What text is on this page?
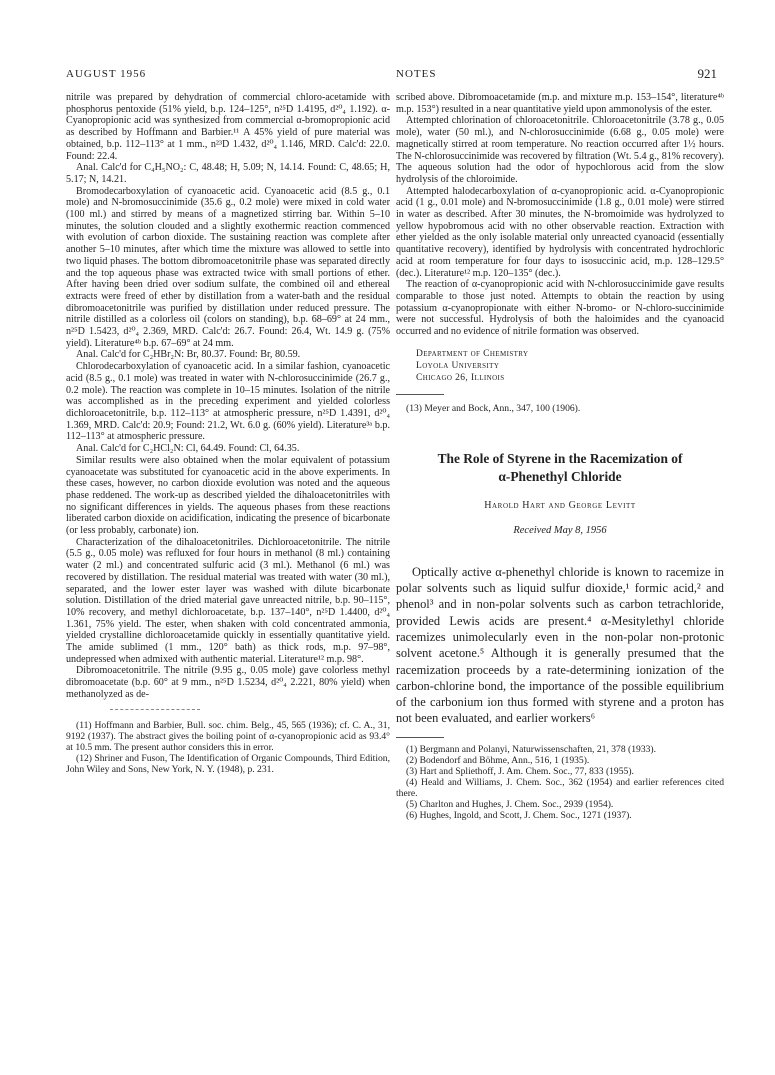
AUGUST 1956	NOTES	921

nitrile was prepared by dehydration of commercial chloro-acetamide with phosphorus pentoxide (51% yield, b.p. 124–125°, n²⁵D 1.4195, d²⁰₄ 1.192). α-Cyanopropionic acid was synthesized from commercial α-bromopropionic acid as described by Hoffmann and Barbier.¹¹ A 45% yield of pure material was obtained, b.p. 112–113° at 1 mm., n²³D 1.432, d²⁰₄ 1.146, MRD. Calc'd: 22.0. Found: 22.4.

Anal. Calc'd for C₄H₅NO₂: C, 48.48; H, 5.09; N, 14.14. Found: C, 48.65; H, 5.17; N, 14.21.

Bromodecarboxylation of cyanoacetic acid. Cyanoacetic acid (8.5 g., 0.1 mole) and N-bromosuccinimide (35.6 g., 0.2 mole) were mixed in cold water (100 ml.) and stirred by means of a magnetized stirring bar. Within 5–10 minutes, the solution clouded and a slightly exothermic reaction commenced with evolution of carbon dioxide. The sustaining reaction was complete after another 5–10 minutes, after which time the mixture was allowed to settle into two liquid phases. The bottom dibromoacetonitrile phase was separated directly and the top aqueous phase was extracted twice with small portions of ether. After having been dried over sodium sulfate, the combined oil and ethereal extracts were freed of ether by distillation from a water-bath and the residual dibromoacetonitrile was purified by distillation under reduced pressure. The nitrile distilled as a colorless oil (colors on standing), b.p. 68–69° at 24 mm., n²⁵D 1.5423, d²⁰₄ 2.369, MRD. Calc'd: 26.7. Found: 26.4, Wt. 14.9 g. (75% yield). Literature⁴ᵇ b.p. 67–69° at 24 mm.

Anal. Calc'd for C₂HBr₂N: Br, 80.37. Found: Br, 80.59.

Chlorodecarboxylation of cyanoacetic acid. In a similar fashion, cyanoacetic acid (8.5 g., 0.1 mole) was treated in water with N-chlorosuccinimide (26.7 g., 0.2 mole). The reaction was complete in 10–15 minutes. Isolation of the nitrile was accomplished as in the preceding experiment and yielded colorless dichloroacetonitrile, b.p. 112–113° at atmospheric pressure, n²⁵D 1.4391, d²⁰₄ 1.369, MRD. Calc'd: 20.9; Found: 21.2, Wt. 6.0 g. (60% yield). Literature³ᵃ b.p. 112–113° at atmospheric pressure.

Anal. Calc'd for C₂HCl₂N: Cl, 64.49. Found: Cl, 64.35.

Similar results were also obtained when the molar equivalent of potassium cyanoacetate was substituted for cyanoacetic acid in the above experiments. In these cases, however, no carbon dioxide evolution was noted and the aqueous phase reddened. The work-up as described yielded the dihaloacetonitriles with no significant differences in yields. The aqueous phases from these reactions liberated carbon dioxide on acidification, indicating the presence of bicarbonate (or less probably, carbonate) ion.

Characterization of the dihaloacetonitriles. Dichloroacetonitrile. The nitrile (5.5 g., 0.05 mole) was refluxed for four hours in methanol (8 ml.) containing water (2 ml.) and concentrated sulfuric acid (3 ml.). Methanol (6 ml.) was recovered by distillation. The residual material was treated with water (30 ml.), separated, and the lower ester layer was washed with dilute bicarbonate solution. Distillation of the dried material gave unreacted nitrile, b.p. 90–115°, 10% recovery, and methyl dichloroacetate, b.p. 137–140°, n²⁵D 1.4400, d²⁰₄ 1.361, 75% yield. The ester, when shaken with cold concentrated ammonia, yielded crystalline dichloroacetamide quickly in essentially quantitative yield. The amide sublimed (1 mm., 120° bath) as thick rods, m.p. 97–98°, undepressed when admixed with authentic material. Literature¹² m.p. 98°.

Dibromoacetonitrile. The nitrile (9.95 g., 0.05 mole) gave colorless methyl dibromoacetate (b.p. 60° at 9 mm., n²⁵D 1.5234, d²⁰₄ 2.221, 80% yield) when methanolyzed as de-

(11) Hoffmann and Barbier, Bull. soc. chim. Belg., 45, 565 (1936); cf. C. A., 31, 9192 (1937). The abstract gives the boiling point of α-cyanopropionic acid as 93.4° at 10.5 mm. The present author considers this in error.

(12) Shriner and Fuson, The Identification of Organic Compounds, Third Edition, John Wiley and Sons, New York, N. Y. (1948), p. 231.

scribed above. Dibromoacetamide (m.p. and mixture m.p. 153–154°, literature⁴ᵇ m.p. 153°) resulted in a near quantitative yield upon ammonolysis of the ester.

Attempted chlorination of chloroacetonitrile. Chloroacetonitrile (3.78 g., 0.05 mole), water (50 ml.), and N-chlorosuccinimide (6.68 g., 0.05 mole) were magnetically stirred at room temperature. No reaction occurred after 1½ hours. The N-chlorosuccinimide was recovered by filtration (Wt. 5.4 g., 81% recovery). The aqueous solution had the odor of hypochlorous acid from the slow hydrolysis of the chloroimide.

Attempted halodecarboxylation of α-cyanopropionic acid. α-Cyanopropionic acid (1 g., 0.01 mole) and N-bromosuccinimide (1.8 g., 0.01 mole) were stirred in water as described. After 30 minutes, the N-bromoimide was hydrolyzed to yellow hypobromous acid with no other observable reaction. Extraction with ether yielded as the only isolable material only unreacted cyanoacid (essentially quantitative recovery), identified by hydrolysis with concentrated hydrochloric acid at room temperature for four days to isosuccinic acid, m.p. 128–129.5° (dec.). Literature¹² m.p. 120–135° (dec.).

The reaction of α-cyanopropionic acid with N-chlorosuccinimide gave results comparable to those just noted. Attempts to obtain the reaction by using potassium α-cyanopropionate with either N-bromo- or N-chloro-succinimide were not successful. Hydrolysis of both the haloimides and the cyanoacid occurred and no evidence of nitrile formation was observed.

Department of Chemistry
Loyola University
Chicago 26, Illinois

(13) Meyer and Bock, Ann., 347, 100 (1906).

The Role of Styrene in the Racemization of
α-Phenethyl Chloride
Harold Hart and George Levitt
Received May 8, 1956

Optically active α-phenethyl chloride is known to racemize in polar solvents such as liquid sulfur dioxide,¹ formic acid,² and phenol³ and in non-polar solvents such as carbon tetrachloride, provided Lewis acids are present.⁴ α-Mesitylethyl chloride racemizes unimolecularly even in the non-polar non-protonic solvent acetone.⁵ Although it is generally presumed that the racemization proceeds by a rate-determining ionization of the carbon-chlorine bond, the importance of the possible equilibrium of the carbonium ion thus formed with styrene and a proton has not been evaluated, and earlier workers⁶

(1) Bergmann and Polanyi, Naturwissenschaften, 21, 378 (1933).

(2) Bodendorf and Böhme, Ann., 516, 1 (1935).

(3) Hart and Spliethoff, J. Am. Chem. Soc., 77, 833 (1955).

(4) Heald and Williams, J. Chem. Soc., 362 (1954) and earlier references cited there.

(5) Charlton and Hughes, J. Chem. Soc., 2939 (1954).

(6) Hughes, Ingold, and Scott, J. Chem. Soc., 1271 (1937).
